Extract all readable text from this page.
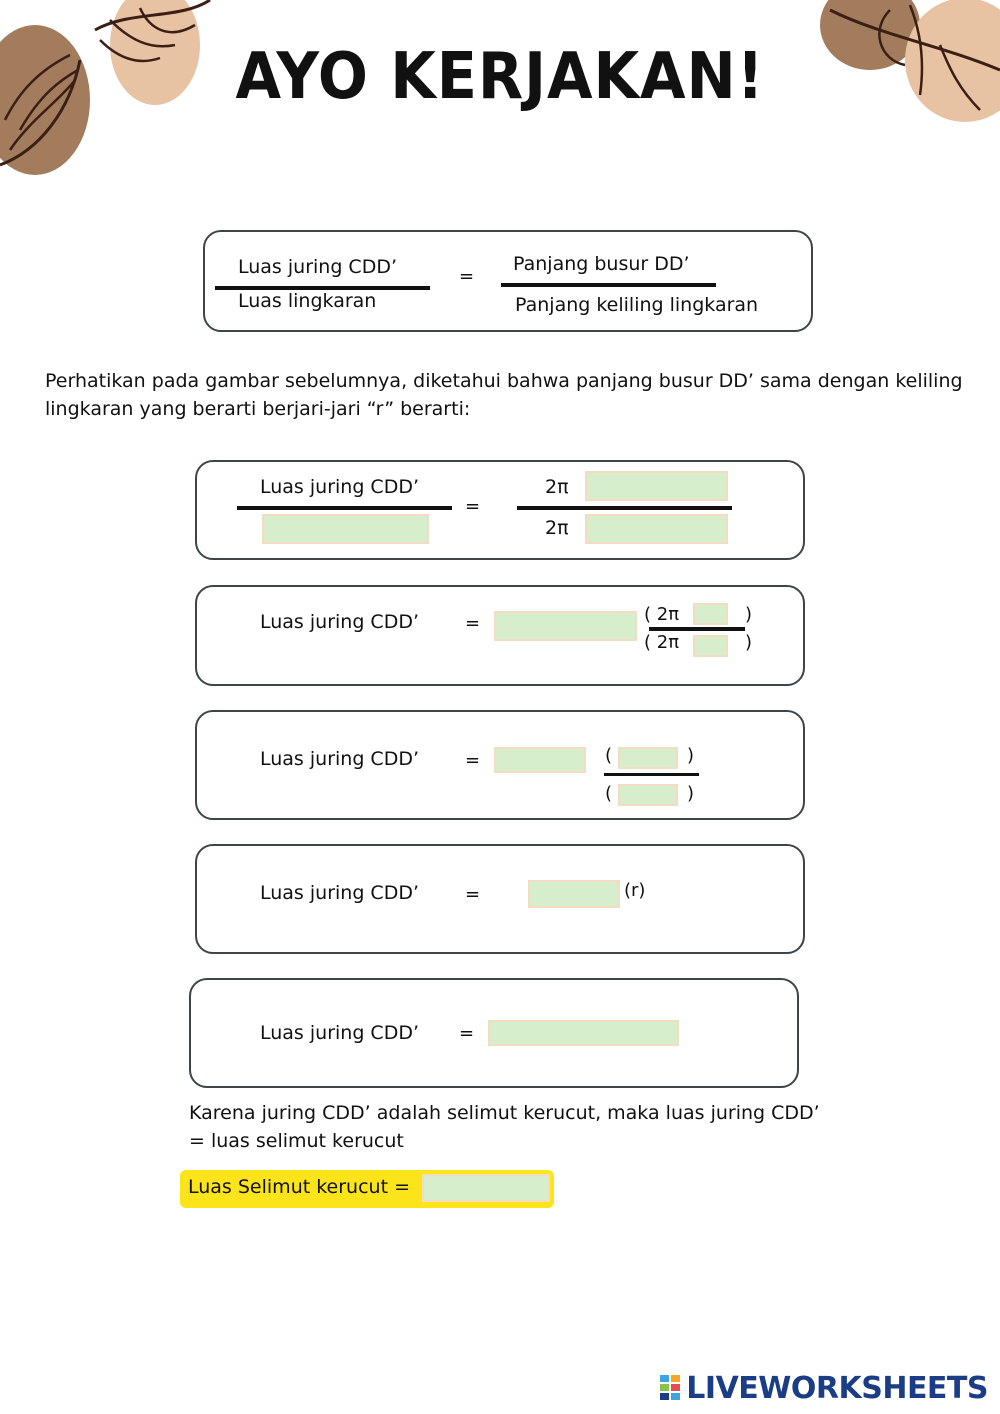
AYO KERJAKAN!
Luas juring CDD’
Luas lingkaran
=
Panjang busur DD’
Panjang keliling lingkaran
Perhatikan pada gambar sebelumnya, diketahui bahwa panjang busur DD’ sama dengan keliling lingkaran yang berarti berjari-jari “r” berarti:
Luas juring CDD’
=
2π
2π
Luas juring CDD’	=	( 2π	)
( 2π	)
Luas juring CDD’	=	(	)
(	)
Luas juring CDD’	=	(r)
Luas juring CDD’ =
Karena juring CDD’ adalah selimut kerucut, maka luas juring CDD’ = luas selimut kerucut
Luas Selimut kerucut =
LIVEWORKSHEETS
